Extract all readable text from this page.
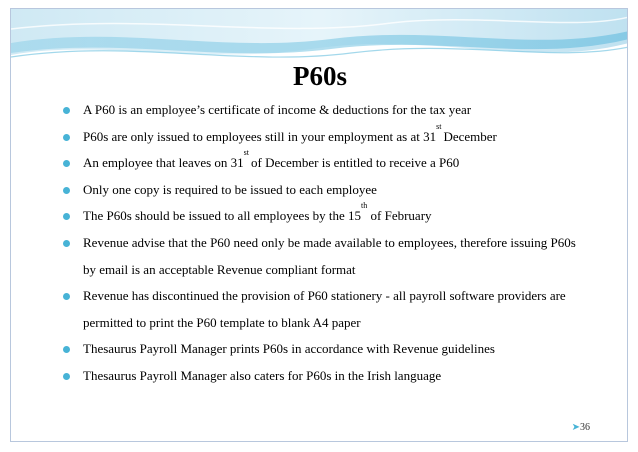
P60s
A P60 is an employee’s certificate of income & deductions for the tax year
P60s are only issued to employees still in your employment as at 31st December
An employee that leaves on 31st of December is entitled to receive a P60
Only one copy is required to be issued to each employee
The P60s should be issued to all employees by the 15th of February
Revenue advise that the P60 need only be made available to employees, therefore issuing P60s by email is an acceptable Revenue compliant format
Revenue has discontinued the provision of P60 stationery - all payroll software providers are permitted to print the P60 template to blank A4 paper
Thesaurus Payroll Manager prints P60s in accordance with Revenue guidelines
Thesaurus Payroll Manager also caters for P60s in the Irish language
➤36
